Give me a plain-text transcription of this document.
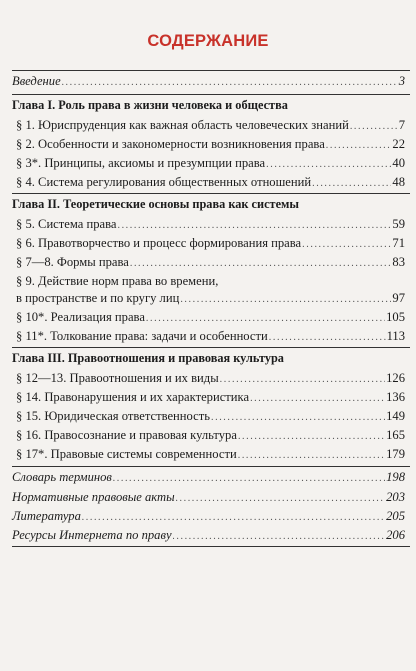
СОДЕРЖАНИЕ
Введение .....	3
Глава I. Роль права в жизни человека и общества
§ 1. Юриспруденция как важная область человеческих знаний .....	7
§ 2. Особенности и закономерности возникновения права .....	22
§ 3*. Принципы, аксиомы и презумпции права .....	40
§ 4. Система регулирования общественных отношений .....	48
Глава II. Теоретические основы права как системы
§ 5. Система права .....	59
§ 6. Правотворчество и процесс формирования права .....	71
§ 7—8. Формы права .....	83
§ 9. Действие норм права во времени,
в пространстве и по кругу лиц .....	97
§ 10*. Реализация права .....	105
§ 11*. Толкование права: задачи и особенности .....	113
Глава III. Правоотношения и правовая культура
§ 12—13. Правоотношения и их виды .....	126
§ 14. Правонарушения и их характеристика .....	136
§ 15. Юридическая ответственность .....	149
§ 16. Правосознание и правовая культура .....	165
§ 17*. Правовые системы современности .....	179
Словарь терминов .....	198
Нормативные правовые акты .....	203
Литература .....	205
Ресурсы Интернета по праву .....	206
